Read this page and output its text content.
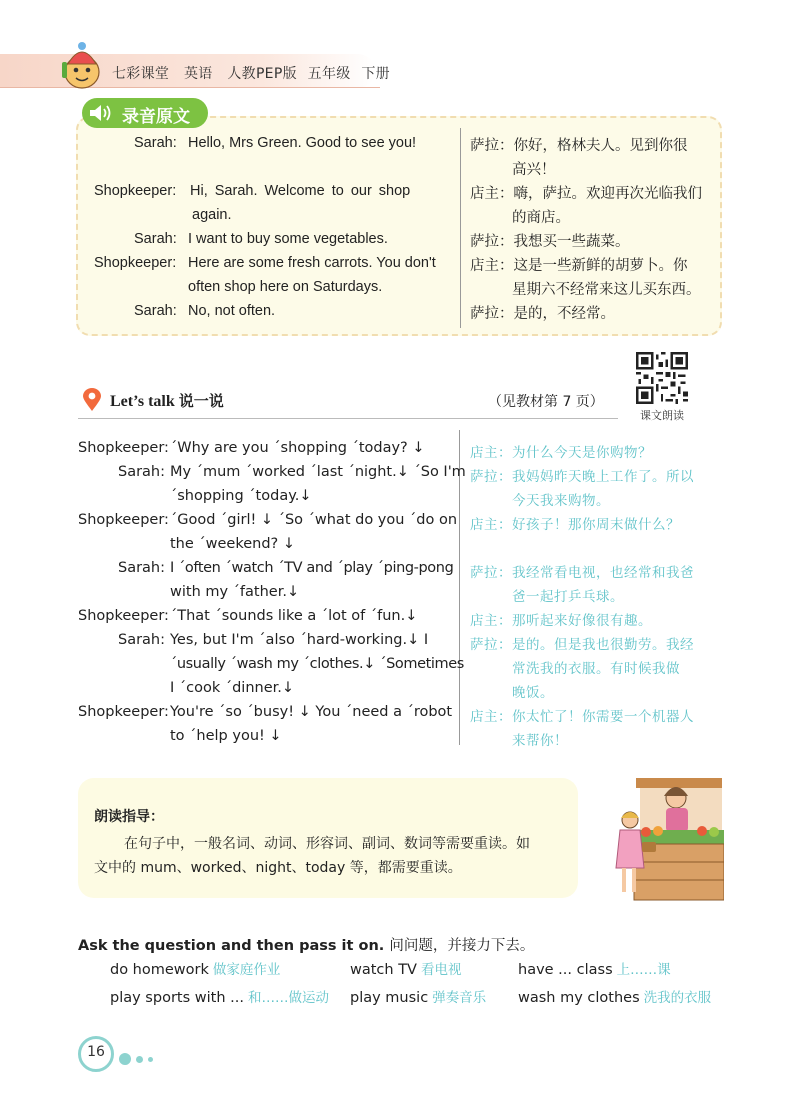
七彩课堂 英语 人教PEP版 五年级 下册
录音原文
Sarah: Hello, Mrs Green. Good to see you!
Shopkeeper: Hi, Sarah. Welcome to our shop
again.
Sarah: I want to buy some vegetables.
Shopkeeper: Here are some fresh carrots. You don't
often shop here on Saturdays.
Sarah: No, not often.
萨拉：你好，格林夫人。见到你很
高兴！
店主：嗨，萨拉。欢迎再次光临我们
的商店。
萨拉：我想买一些蔬菜。
店主：这是一些新鲜的胡萝卜。你
星期六不经常来这儿买东西。
萨拉：是的，不经常。
课文朗读
Let’s talk 说一说	（见教材第 7 页）
Shopkeeper: ˊWhy are you ˊshopping ˊtoday? ↓
Sarah: My ˊmum ˊworked ˊlast ˊnight.↓ ˊSo I'm
ˊshopping ˊtoday.↓
Shopkeeper: ˊGood ˊgirl! ↓ ˊSo ˊwhat do you ˊdo on
the ˊweekend? ↓
Sarah: I ˊoften ˊwatch ˊTV and ˊplay ˊping-pong
with my ˊfather.↓
Shopkeeper: ˊThat ˊsounds like a ˊlot of ˊfun.↓
Sarah: Yes, but I'm ˊalso ˊhard-working.↓ I
ˊusually ˊwash my ˊclothes.↓ ˊSometimes
I ˊcook ˊdinner.↓
Shopkeeper: You're ˊso ˊbusy! ↓ You ˊneed a ˊrobot
to ˊhelp you! ↓
店主：为什么今天是你购物？
萨拉：我妈妈昨天晚上工作了。所以
今天我来购物。
店主：好孩子！那你周末做什么？
萨拉：我经常看电视，也经常和我爸
爸一起打乒乓球。
店主：那听起来好像很有趣。
萨拉：是的。但是我也很勤劳。我经
常洗我的衣服。有时候我做
晚饭。
店主：你太忙了！你需要一个机器人
来帮你！
朗读指导：
在句子中，一般名词、动词、形容词、副词、数词等需要重读。如
文中的 mum、worked、night、today 等，都需要重读。
Ask the question and then pass it on. 问问题，并接力下去。
do homework 做家庭作业	watch TV 看电视	have ... class 上……课
play sports with ... 和……做运动 play music 弹奏音乐 wash my clothes 洗我的衣服
16
